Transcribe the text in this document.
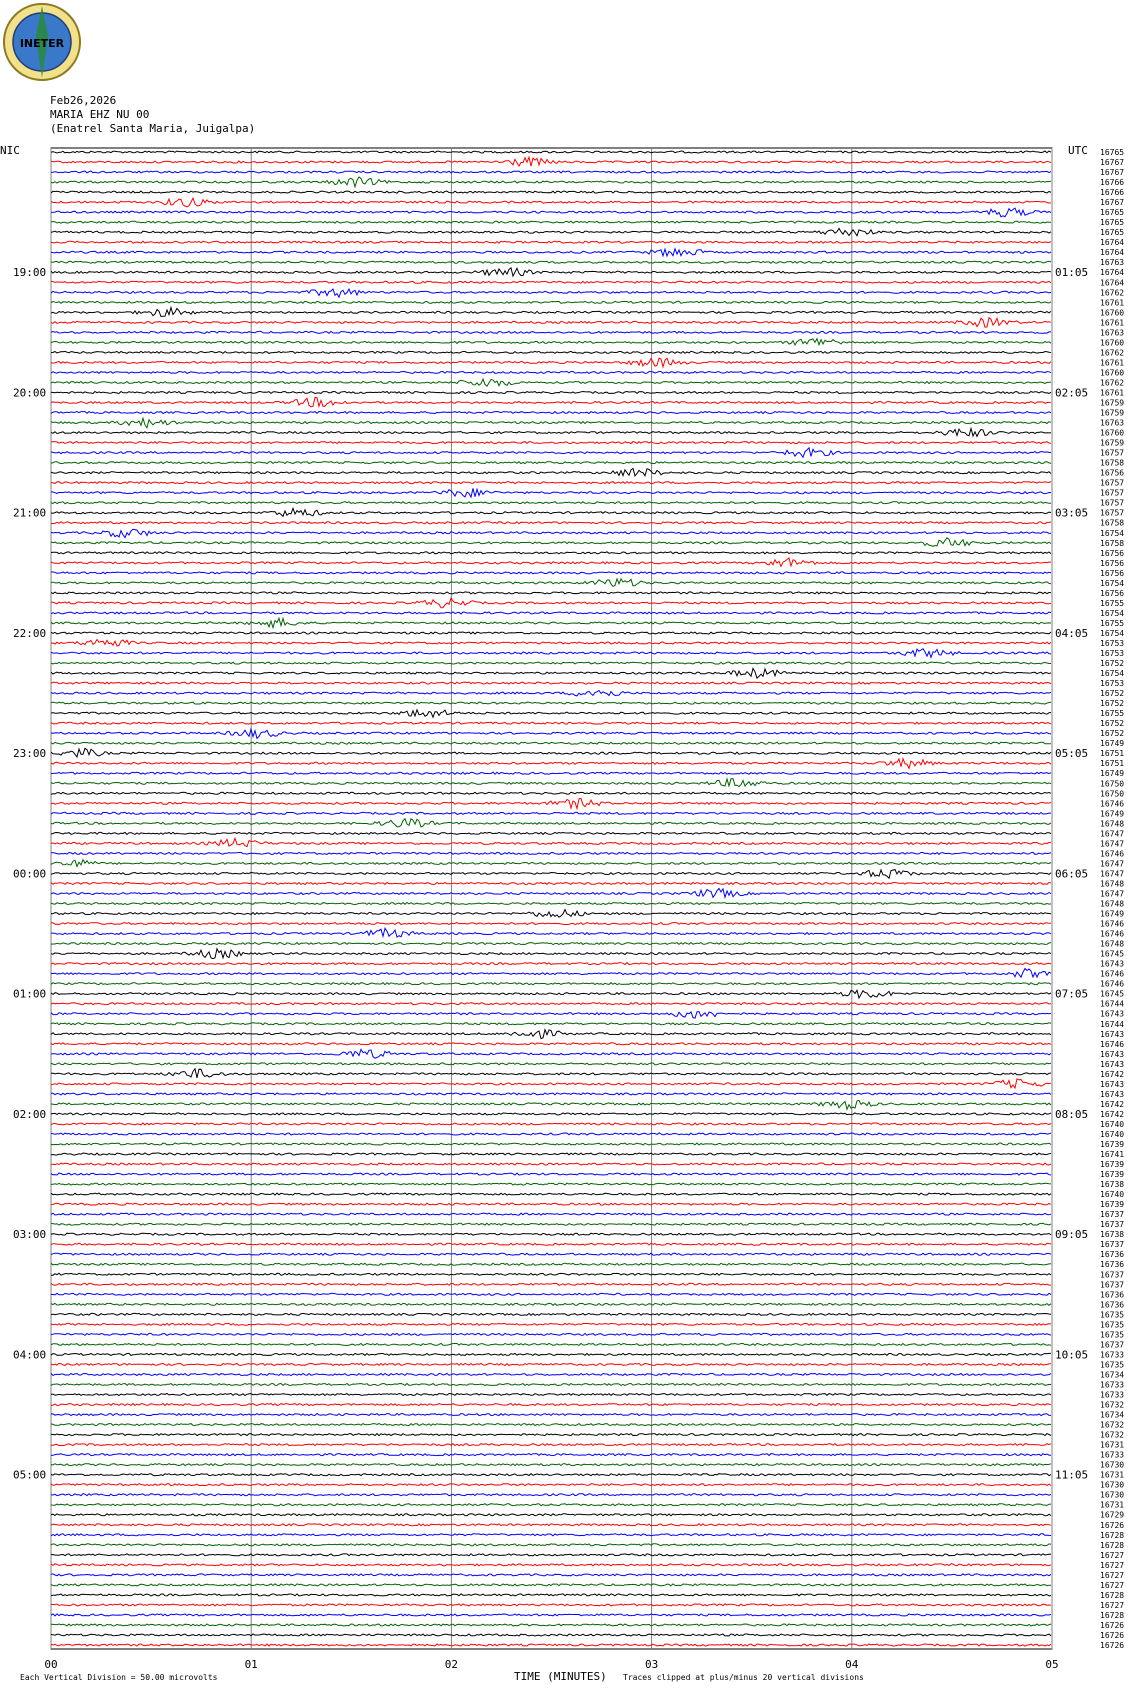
INETER
Feb26,2026
MARIA EHZ NU 00
(Enatrel Santa Maria, Juigalpa)
NIC	UTC
TIME (MINUTES)
Each Vertical Division = 50.00 microvolts	Traces clipped at plus/minus 20 vertical divisions
00	01	02	03	04	05
16765
16767
16767
16766
16766
16767
16765
16765
16765
16764
16764
16763
16764
16764
16762
16761
16760
16761
16763
16760
16762
16761
16760
16762
16761
16759
16759
16763
16760
16759
16757
16758
16756
16757
16757
16757
16757
16758
16754
16758
16756
16756
16756
16754
16756
16755
16754
16755
16754
16753
16753
16752
16754
16753
16752
16752
16755
16752
16752
16749
16751
16751
16749
16750
16750
16746
16749
16748
16747
16747
16746
16747
16747
16748
16747
16748
16749
16746
16746
16748
16745
16743
16746
16746
16745
16744
16743
16744
16743
16746
16743
16743
16742
16743
16743
16742
16742
16740
16740
16739
16741
16739
16739
16738
16740
16739
16737
16737
16738
16737
16736
16736
16737
16737
16736
16736
16735
16735
16735
16737
16733
16735
16734
16733
16733
16732
16734
16732
16732
16731
16733
16730
16731
16730
16730
16731
16729
16726
16728
16728
16727
16727
16727
16727
16728
16727
16728
16726
16726
16726
19:00	01:05
20:00	02:05
21:00	03:05
22:00	04:05
23:00	05:05
00:00	06:05
01:00	07:05
02:00	08:05
03:00	09:05
04:00	10:05
05:00	11:05
